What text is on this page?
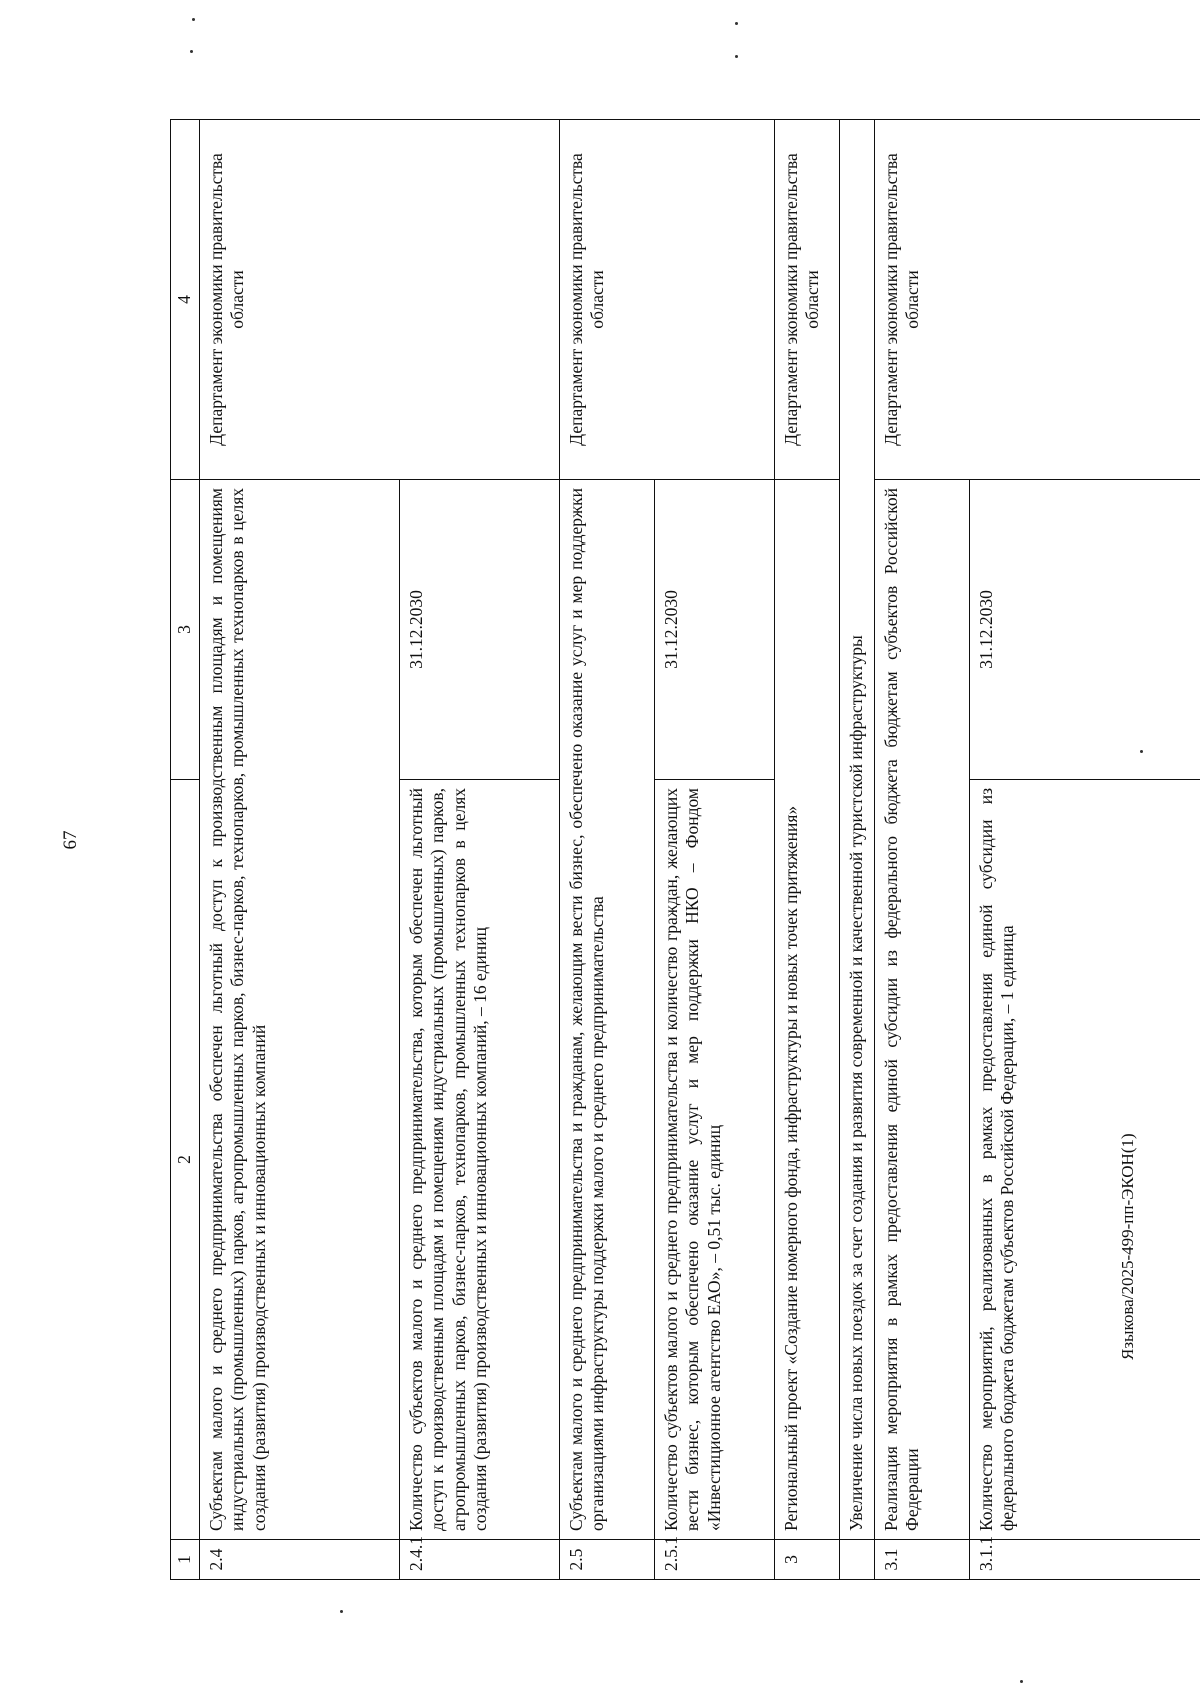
67
1	2	3	4
2.4	Субъектам малого и среднего предпринимательства обеспечен льготный доступ к производственным площадям и помещениям индустриальных (промышленных) парков, агропромышленных парков, бизнес-парков, технопарков, промышленных технопарков в целях создания (развития) производственных и инновационных компаний		Департамент экономики правительства области
2.4.1	Количество субъектов малого и среднего предпринимательства, которым обеспечен льготный доступ к производственным площадям и помещениям индустриальных (промышленных) парков, агропромышленных парков, бизнес-парков, технопарков, промышленных технопарков в целях создания (развития) производственных и инновационных компаний, – 16 единиц	31.12.2030	
2.5	Субъектам малого и среднего предпринимательства и гражданам, желающим вести бизнес, обеспечено оказание услуг и мер поддержки организациями инфраструктуры поддержки малого и среднего предпринимательства		Департамент экономики правительства области
2.5.1	Количество субъектов малого и среднего предпринимательства и количество граждан, желающих вести бизнес, которым обеспечено оказание услуг и мер поддержки НКО – Фондом «Инвестиционное агентство ЕАО», – 0,51 тыс. единиц	31.12.2030	
3	Региональный проект «Создание номерного фонда, инфраструктуры и новых точек притяжения»		Департамент экономики правительства области
	Увеличение числа новых поездок за счет создания и развития современной и качественной туристской инфраструктуры		
3.1	Реализация мероприятия в рамках предоставления единой субсидии из федерального бюджета бюджетам субъектов Российской Федерации		Департамент экономики правительства области
3.1.1	Количество мероприятий, реализованных в рамках предоставления единой субсидии из федерального бюджета бюджетам субъектов Российской Федерации, – 1 единица	31.12.2030	
Языкова/2025-499-пп-ЭКОН(1)
